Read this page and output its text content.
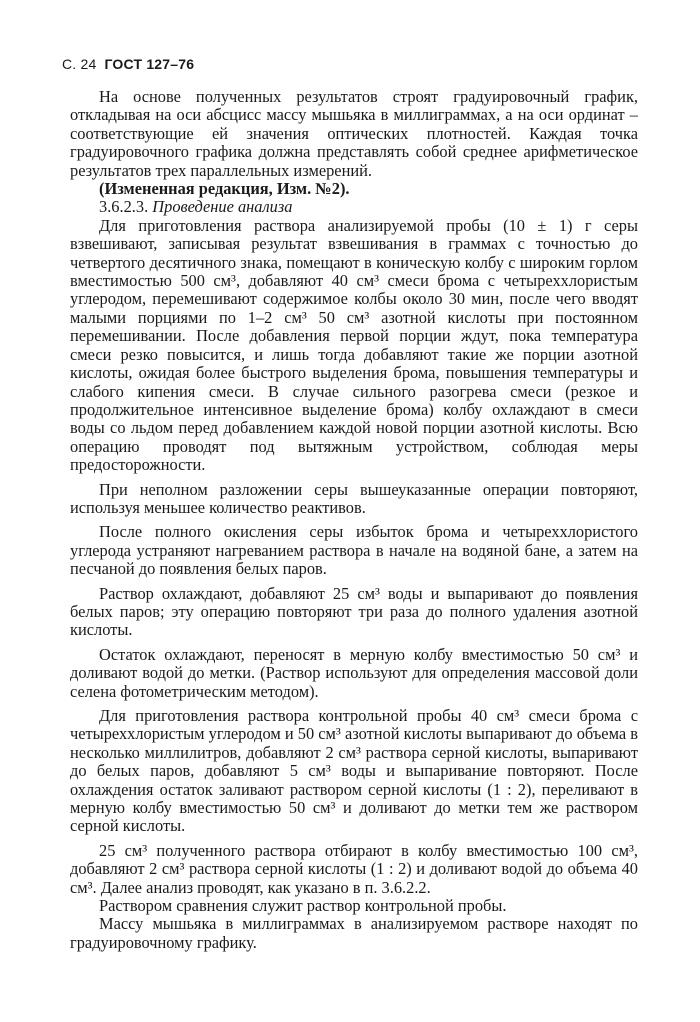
С. 24 ГОСТ 127–76

На основе полученных результатов строят градуировочный график, откладывая на оси абсцисс массу мышьяка в миллиграммах, а на оси ординат – соответствующие ей значения оптических плотностей. Каждая точка градуировочного графика должна представлять собой среднее арифметическое результатов трех параллельных измерений.

(Измененная редакция, Изм. №2).

3.6.2.3. Проведение анализа

Для приготовления раствора анализируемой пробы (10 ± 1) г серы взвешивают, записывая результат взвешивания в граммах с точностью до четвертого десятичного знака, помещают в коническую колбу с широким горлом вместимостью 500 см³, добавляют 40 см³ смеси брома с четыреххлористым углеродом, перемешивают содержимое колбы около 30 мин, после чего вводят малыми порциями по 1–2 см³ 50 см³ азотной кислоты при постоянном перемешивании. После добавления первой порции ждут, пока температура смеси резко повысится, и лишь тогда добавляют такие же порции азотной кислоты, ожидая более быстрого выделения брома, повышения температуры и слабого кипения смеси. В случае сильного разогрева смеси (резкое и продолжительное интенсивное выделение брома) колбу охлаждают в смеси воды со льдом перед добавлением каждой новой порции азотной кислоты. Всю операцию проводят под вытяжным устройством, соблюдая меры предосторожности.

При неполном разложении серы вышеуказанные операции повторяют, используя меньшее количество реактивов.

После полного окисления серы избыток брома и четыреххлористого углерода устраняют нагреванием раствора в начале на водяной бане, а затем на песчаной до появления белых паров.

Раствор охлаждают, добавляют 25 см³ воды и выпаривают до появления белых паров; эту операцию повторяют три раза до полного удаления азотной кислоты.

Остаток охлаждают, переносят в мерную колбу вместимостью 50 см³ и доливают водой до метки. (Раствор используют для определения массовой доли селена фотометрическим методом).

Для приготовления раствора контрольной пробы 40 см³ смеси брома с четыреххлористым углеродом и 50 см³ азотной кислоты выпаривают до объема в несколько миллилитров, добавляют 2 см³ раствора серной кислоты, выпаривают до белых паров, добавляют 5 см³ воды и выпаривание повторяют. После охлаждения остаток заливают раствором серной кислоты (1 : 2), переливают в мерную колбу вместимостью 50 см³ и доливают до метки тем же раствором серной кислоты.

25 см³ полученного раствора отбирают в колбу вместимостью 100 см³, добавляют 2 см³ раствора серной кислоты (1 : 2) и доливают водой до объема 40 см³. Далее анализ проводят, как указано в п. 3.6.2.2.

Раствором сравнения служит раствор контрольной пробы.

Массу мышьяка в миллиграммах в анализируемом растворе находят по градуировочному графику.
